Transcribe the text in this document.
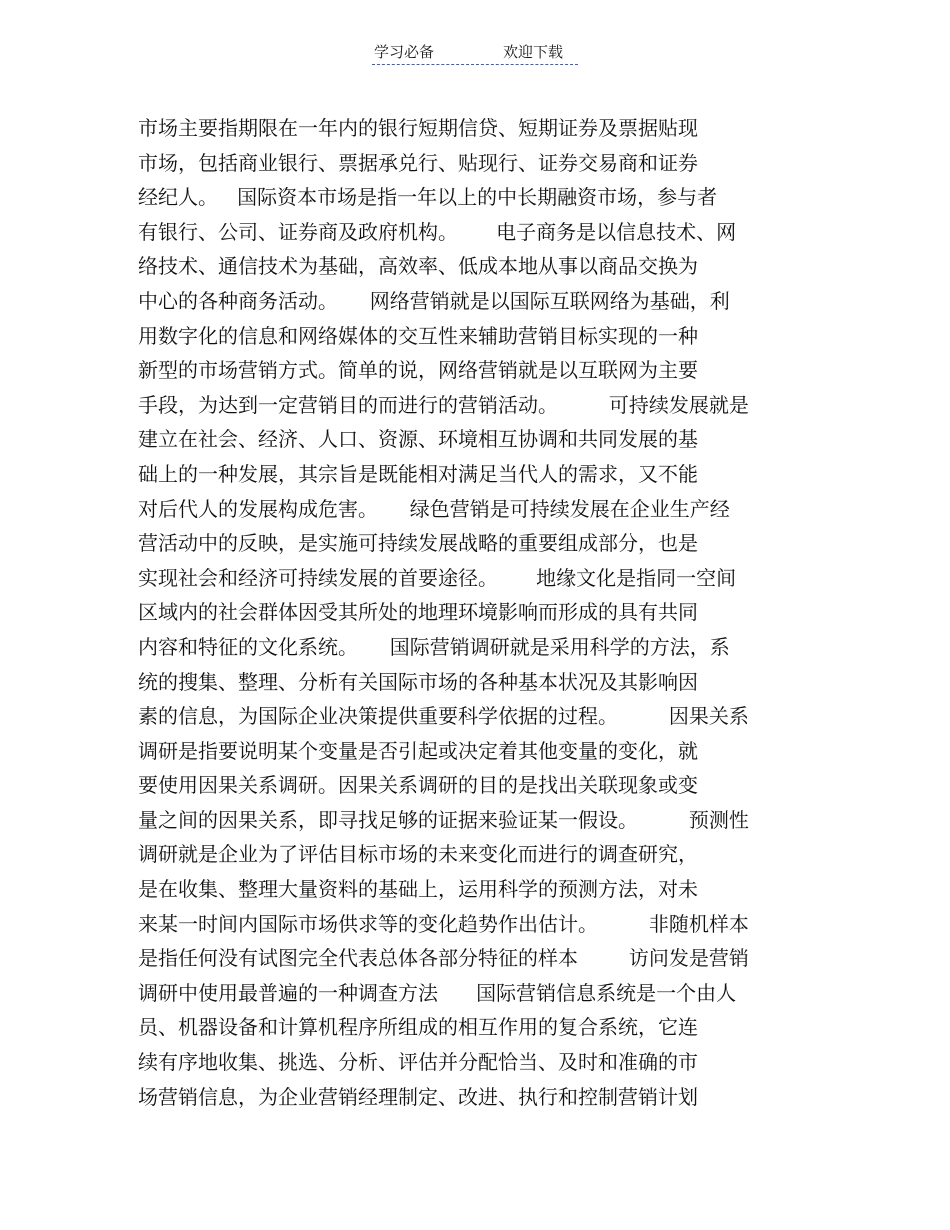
学习必备

	欢迎下载

市场主要指期限在一年内的银行短期信贷、短期证券及票据贴现
市场，包括商业银行、票据承兑行、贴现行、证券交易商和证券
经纪人。   国际资本市场是指一年以上的中长期融资市场，参与者
有银行、公司、证券商及政府机构。      电子商务是以信息技术、网
络技术、通信技术为基础，高效率、低成本地从事以商品交换为
中心的各种商务活动。     网络营销就是以国际互联网络为基础，利
用数字化的信息和网络媒体的交互性来辅助营销目标实现的一种
新型的市场营销方式。简单的说，网络营销就是以互联网为主要
手段，为达到一定营销目的而进行的营销活动。        可持续发展就是
建立在社会、经济、人口、资源、环境相互协调和共同发展的基
础上的一种发展，其宗旨是既能相对满足当代人的需求，又不能
对后代人的发展构成危害。     绿色营销是可持续发展在企业生产经
营活动中的反映，是实施可持续发展战略的重要组成部分，也是
实现社会和经济可持续发展的首要途径。      地缘文化是指同一空间
区域内的社会群体因受其所处的地理环境影响而形成的具有共同
内容和特征的文化系统。     国际营销调研就是采用科学的方法，系
统的搜集、整理、分析有关国际市场的各种基本状况及其影响因
素的信息，为国际企业决策提供重要科学依据的过程。        因果关系
调研是指要说明某个变量是否引起或决定着其他变量的变化，就
要使用因果关系调研。因果关系调研的目的是找出关联现象或变
量之间的因果关系，即寻找足够的证据来验证某一假设。        预测性
调研就是企业为了评估目标市场的未来变化而进行的调查研究，
是在收集、整理大量资料的基础上，运用科学的预测方法，对未
来某一时间内国际市场供求等的变化趋势作出估计。        非随机样本
是指任何没有试图完全代表总体各部分特征的样本        访问发是营销
调研中使用最普遍的一种调查方法      国际营销信息系统是一个由人
员、机器设备和计算机程序所组成的相互作用的复合系统，它连
续有序地收集、挑选、分析、评估并分配恰当、及时和准确的市
场营销信息，为企业营销经理制定、改进、执行和控制营销计划
